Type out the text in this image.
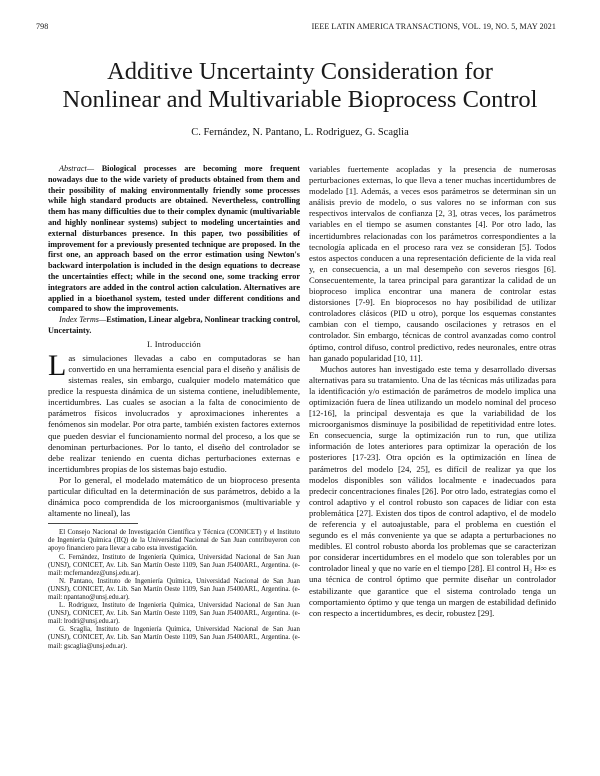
798	IEEE LATIN AMERICA TRANSACTIONS, VOL. 19, NO. 5, MAY 2021
Additive Uncertainty Consideration for
Nonlinear and Multivariable Bioprocess Control
C. Fernández, N. Pantano, L. Rodriguez, G. Scaglia

Abstract— Biological processes are becoming more frequent nowadays due to the wide variety of products obtained from them and their possibility of making environmentally friendly some processes while high standard products are obtained. Nevertheless, controlling them has many difficulties due to their complex dynamic (multivariable and highly nonlinear systems) subject to modeling uncertainties and external disturbances presence. In this paper, two possibilities of improvement for a previously presented technique are proposed. In the first one, an approach based on the error estimation using Newton's backward interpolation is included in the design equations to decrease the uncertainties effect; while in the second one, some tracking error integrators are added in the control action calculation. Alternatives are applied in a bioethanol system, tested under different conditions and compared to show the improvements.

Index Terms—Estimation, Linear algebra, Nonlinear tracking control, Uncertainty.

I. Introducción

Las simulaciones llevadas a cabo en computadoras se han convertido en una herramienta esencial para el diseño y análisis de sistemas reales, sin embargo, cualquier modelo matemático que predice la respuesta dinámica de un sistema contiene, ineludiblemente, incertidumbres. Las cuales se asocian a la falta de conocimiento de parámetros físicos involucrados y aproximaciones inherentes a fenómenos sin modelar. Por otra parte, también existen factores externos que pueden desviar el funcionamiento normal del proceso, a los que se denominan perturbaciones. Por lo tanto, el diseño del controlador se debe realizar teniendo en cuenta dichas perturbaciones externas e incertidumbres propias de los sistemas bajo estudio.

Por lo general, el modelado matemático de un bioproceso presenta particular dificultad en la determinación de sus parámetros, debido a la dinámica poco comprendida de los microorganismos (multivariable y altamente no lineal), las

El Consejo Nacional de Investigación Científica y Técnica (CONICET) y el Instituto de Ingeniería Química (IIQ) de la Universidad Nacional de San Juan contribuyeron con apoyo financiero para llevar a cabo esta investigación.

C. Fernández, Instituto de Ingeniería Química, Universidad Nacional de San Juan (UNSJ), CONICET, Av. Lib. San Martín Oeste 1109, San Juan J5400ARL, Argentina. (e-mail: mcfernandez@unsj.edu.ar).

N. Pantano, Instituto de Ingeniería Química, Universidad Nacional de San Juan (UNSJ), CONICET, Av. Lib. San Martín Oeste 1109, San Juan J5400ARL, Argentina. (e-mail: npantano@unsj.edu.ar).

L. Rodriguez, Instituto de Ingeniería Química, Universidad Nacional de San Juan (UNSJ), CONICET, Av. Lib. San Martín Oeste 1109, San Juan J5400ARL, Argentina. (e-mail: lrodri@unsj.edu.ar).

G. Scaglia, Instituto de Ingeniería Química, Universidad Nacional de San Juan (UNSJ), CONICET, Av. Lib. San Martín Oeste 1109, San Juan J5400ARL, Argentina. (e-mail: gscaglia@unsj.edu.ar).

variables fuertemente acopladas y la presencia de numerosas perturbaciones externas, lo que lleva a tener muchas incertidumbres de modelado [1]. Además, a veces esos parámetros se determinan sin un análisis previo de modelo, o sus valores no se informan con sus respectivos intervalos de confianza [2, 3], otras veces, los parámetros variables en el tiempo se asumen constantes [4]. Por otro lado, las incertidumbres relacionadas con los parámetros correspondientes a la tecnología aplicada en el proceso rara vez se consideran [5]. Todos estos aspectos conducen a una representación deficiente de la vida real y, en consecuencia, a un mal desempeño con severos riesgos [6]. Consecuentemente, la tarea principal para garantizar la calidad de un bioproceso implica encontrar una manera de controlar estas distorsiones [7-9]. En bioprocesos no hay posibilidad de utilizar controladores clásicos (PID u otro), porque los esquemas constantes cambian con el tiempo, causando oscilaciones y retrasos en el controlador. Sin embargo, técnicas de control avanzadas como control óptimo, control difuso, control predictivo, redes neuronales, entre otras han ganado popularidad [10, 11].

Muchos autores han investigado este tema y desarrollado diversas alternativas para su tratamiento. Una de las técnicas más utilizadas para la identificación y/o estimación de parámetros de modelo implica una optimización fuera de línea utilizando un modelo nominal del proceso [12-16], la principal desventaja es que la variabilidad de los microorganismos disminuye la posibilidad de repetitividad entre lotes. En consecuencia, surge la optimización run to run, que utiliza información de lotes anteriores para optimizar la operación de los posteriores [17-23]. Otra opción es la optimización en línea de parámetros del modelo [24, 25], es difícil de realizar ya que los modelos disponibles son válidos localmente e inadecuados para predecir concentraciones finales [26]. Por otro lado, estrategias como el control adaptivo y el control robusto son capaces de lidiar con esta problemática [27]. Existen dos tipos de control adaptivo, el de modelo de referencia y el autoajustable, para el problema en cuestión el segundo es el más conveniente ya que se adapta a perturbaciones no medibles. El control robusto aborda los problemas que se caracterizan por considerar incertidumbres en el modelo que son tolerables por un controlador lineal y que no varíe en el tiempo [28]. El control H₂ H∞ es una técnica de control óptimo que permite diseñar un controlador estabilizante que garantice que el sistema controlado tenga un comportamiento óptimo y que tenga un margen de estabilidad definido con respecto a incertidumbres, es decir, robustez [29].
